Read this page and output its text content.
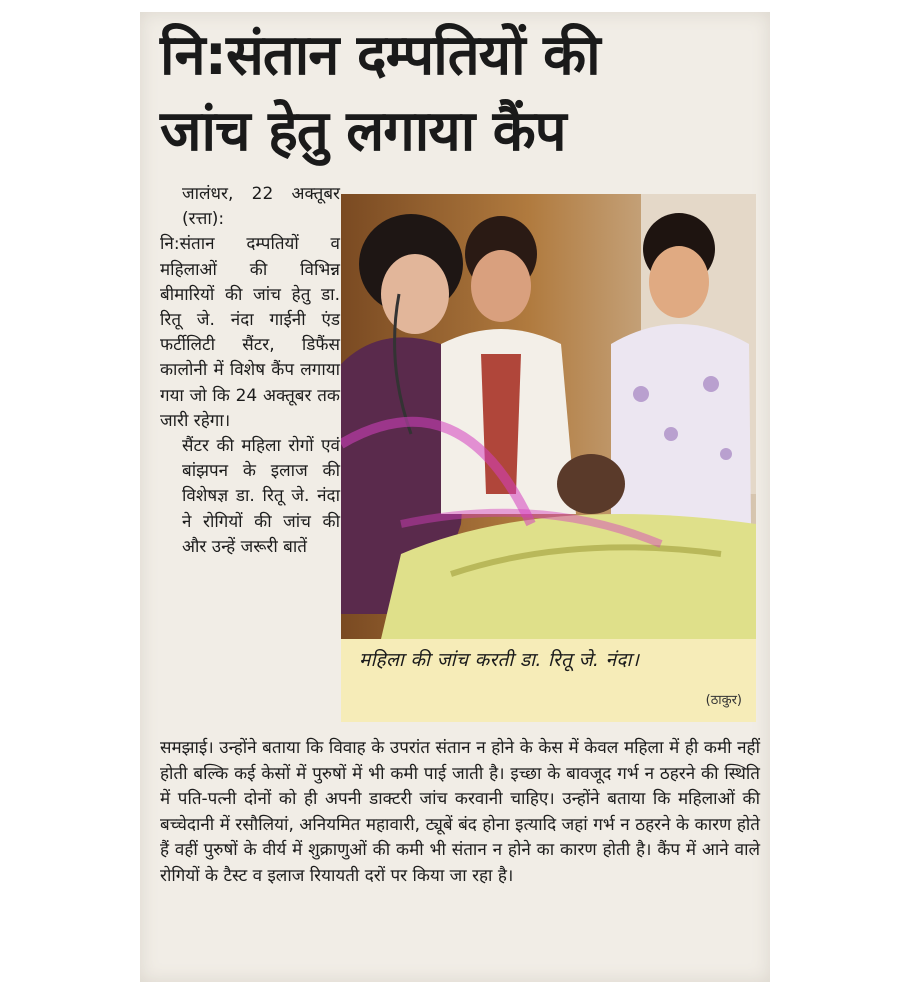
नि:संतान दम्पतियों की
जांच हेतु लगाया कैंप

जालंधर, 22 अक्तूबर (रत्ता):

नि:संतान दम्पतियों व महिलाओं की विभिन्न बीमारियों की जांच हेतु डा. रितू जे. नंदा गाईनी एंड फर्टीलिटी सैंटर, डिफैंस कालोनी में विशेष कैंप लगाया गया जो कि 24 अक्तूबर तक जारी रहेगा।

सैंटर की महिला रोगों एवं बांझपन के इलाज की विशेषज्ञ डा. रितू जे. नंदा ने रोगियों की जांच की और उन्हें जरूरी बातें

महिला की जांच करती डा. रितू जे. नंदा।
(ठाकुर)

समझाई। उन्होंने बताया कि विवाह के उपरांत संतान न होने के केस में केवल महिला में ही कमी नहीं होती बल्कि कई केसों में पुरुषों में भी कमी पाई जाती है। इच्छा के बावजूद गर्भ न ठहरने की स्थिति में पति-पत्नी दोनों को ही अपनी डाक्टरी जांच करवानी चाहिए। उन्होंने बताया कि महिलाओं की बच्चेदानी में रसौलियां, अनियमित महावारी, ट्यूबें बंद होना इत्यादि जहां गर्भ न ठहरने के कारण होते हैं वहीं पुरुषों के वीर्य में शुक्राणुओं की कमी भी संतान न होने का कारण होती है। कैंप में आने वाले रोगियों के टैस्ट व इलाज रियायती दरों पर किया जा रहा है।
